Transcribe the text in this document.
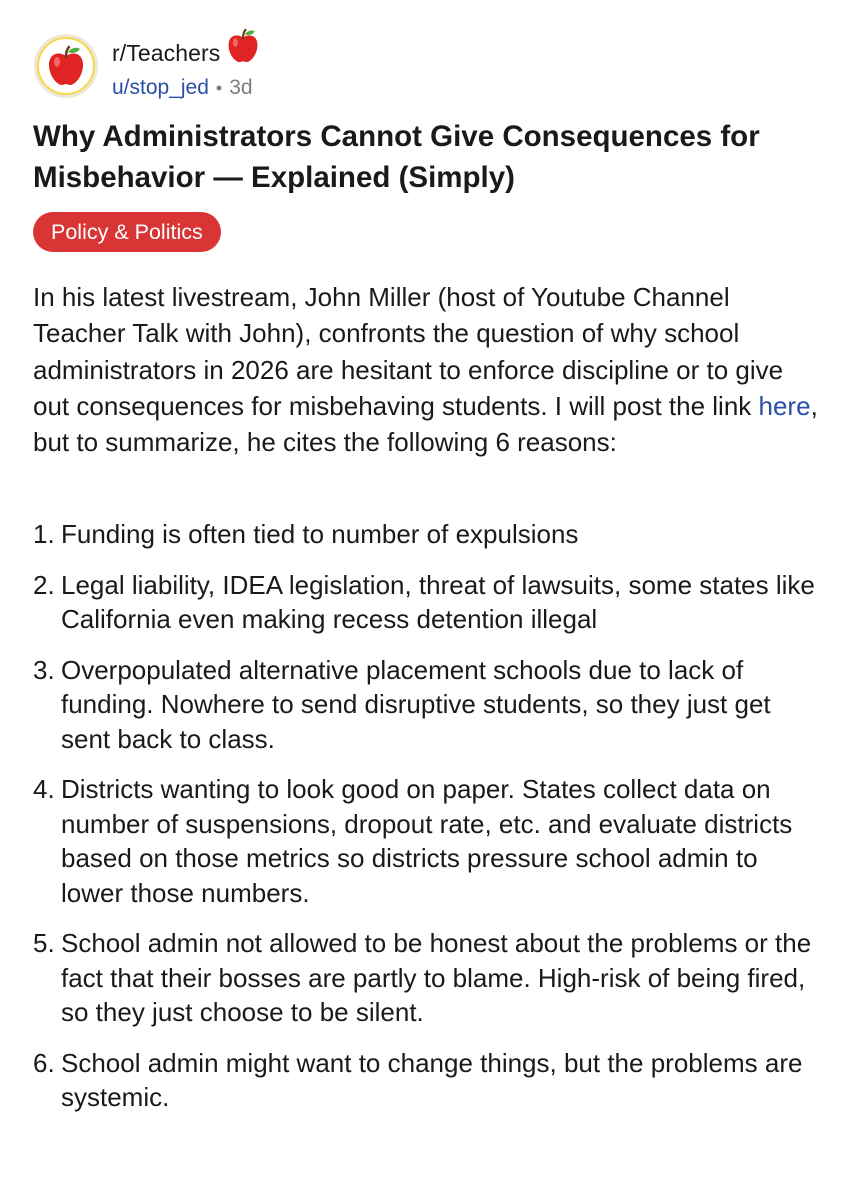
r/Teachers
u/stop_jed • 3d
Why Administrators Cannot Give Consequences for Misbehavior — Explained (Simply)
Policy & Politics

In his latest livestream, John Miller (host of Youtube Channel Teacher Talk with John), confronts the question of why school administrators in 2026 are hesitant to enforce discipline or to give out consequences for misbehaving students. I will post the link here, but to summarize, he cites the following 6 reasons:

1. Funding is often tied to number of expulsions
2. Legal liability, IDEA legislation, threat of lawsuits, some states like California even making recess detention illegal
3. Overpopulated alternative placement schools due to lack of funding. Nowhere to send disruptive students, so they just get sent back to class.
4. Districts wanting to look good on paper. States collect data on number of suspensions, dropout rate, etc. and evaluate districts based on those metrics so districts pressure school admin to lower those numbers.
5. School admin not allowed to be honest about the problems or the fact that their bosses are partly to blame. High-risk of being fired, so they just choose to be silent.
6. School admin might want to change things, but the problems are systemic.
